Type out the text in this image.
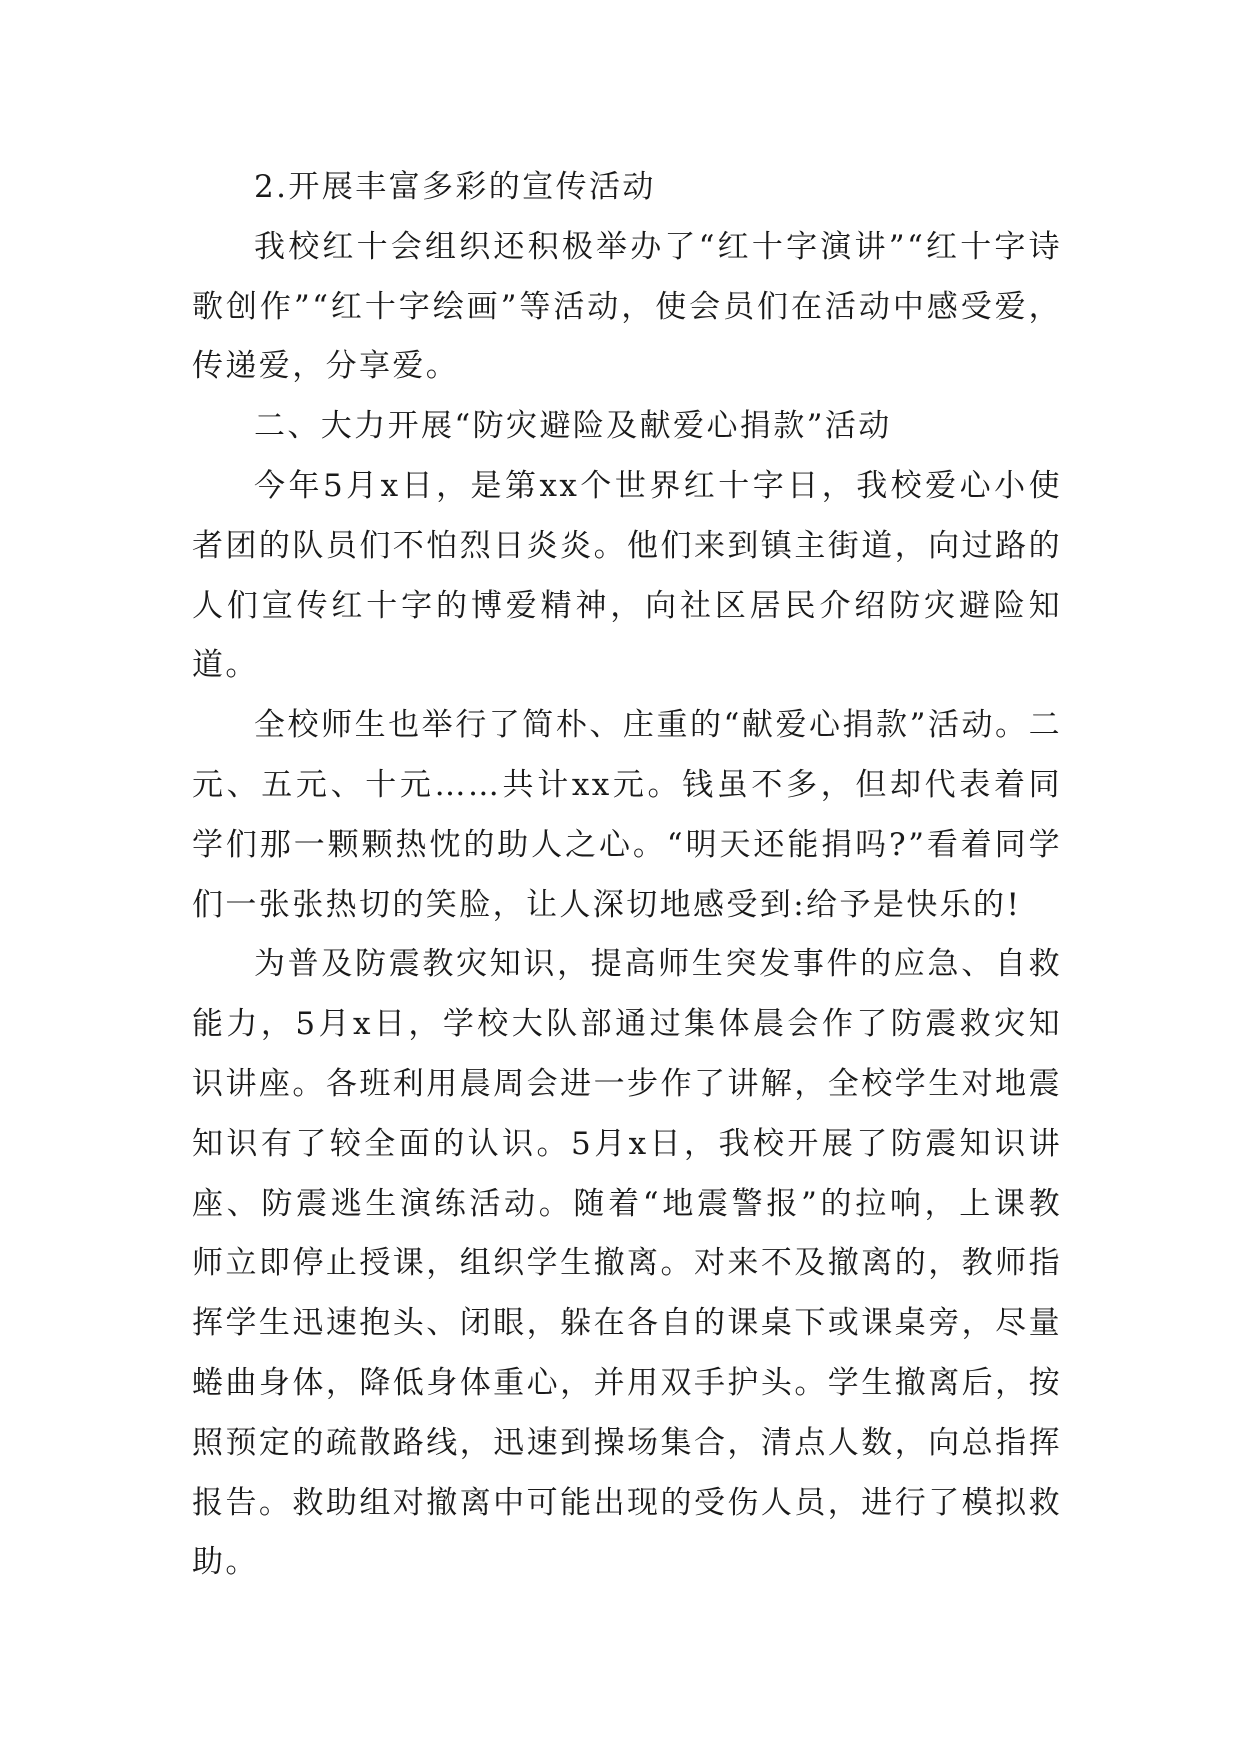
2.开展丰富多彩的宣传活动

我校红十会组织还积极举办了“红十字演讲”“红十字诗歌创作”“红十字绘画”等活动，使会员们在活动中感受爱，传递爱，分享爱。

二、大力开展“防灾避险及献爱心捐款”活动

今年5月x日，是第xx个世界红十字日，我校爱心小使者团的队员们不怕烈日炎炎。他们来到镇主街道，向过路的人们宣传红十字的博爱精神，向社区居民介绍防灾避险知道。

全校师生也举行了简朴、庄重的“献爱心捐款”活动。二元、五元、十元……共计xx元。钱虽不多，但却代表着同学们那一颗颗热忱的助人之心。“明天还能捐吗?”看着同学们一张张热切的笑脸，让人深切地感受到:给予是快乐的!

为普及防震教灾知识，提高师生突发事件的应急、自救能力，5月x日，学校大队部通过集体晨会作了防震救灾知识讲座。各班利用晨周会进一步作了讲解，全校学生对地震知识有了较全面的认识。5月x日，我校开展了防震知识讲座、防震逃生演练活动。随着“地震警报”的拉响，上课教师立即停止授课，组织学生撤离。对来不及撤离的，教师指挥学生迅速抱头、闭眼，躲在各自的课桌下或课桌旁，尽量蜷曲身体，降低身体重心，并用双手护头。学生撤离后，按照预定的疏散路线，迅速到操场集合，清点人数，向总指挥报告。救助组对撤离中可能出现的受伤人员，进行了模拟救助。
